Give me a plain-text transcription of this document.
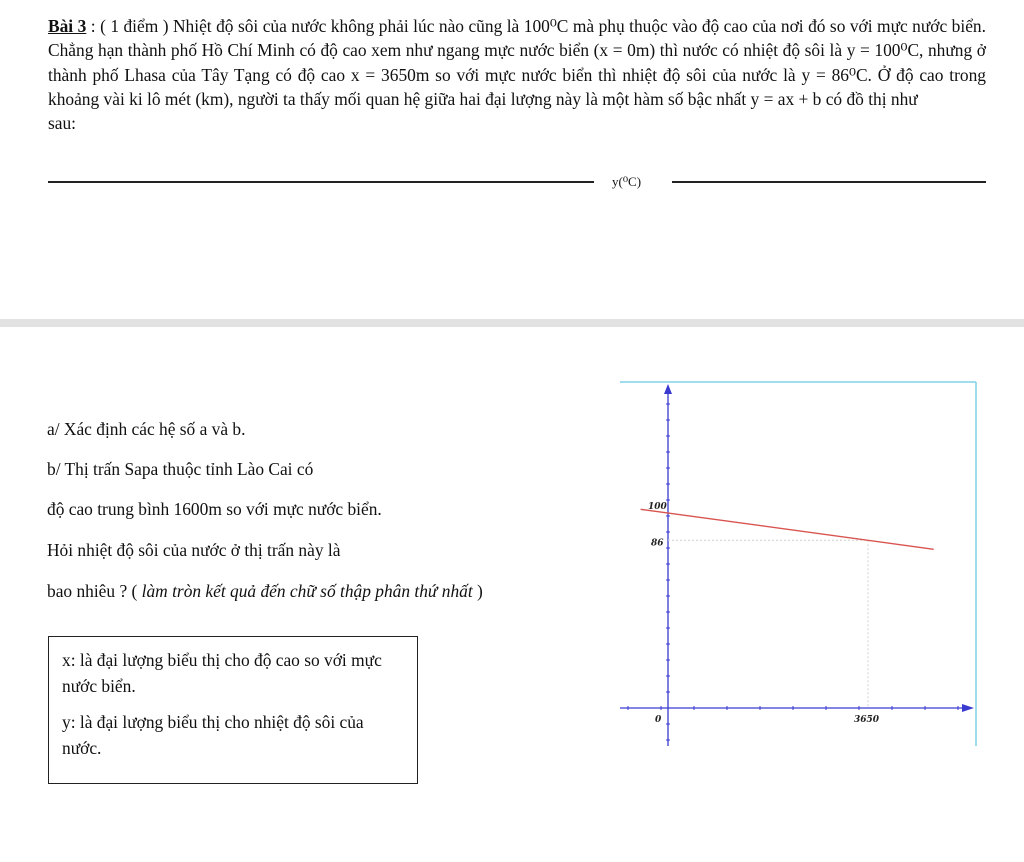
Bài 3 : ( 1 điểm ) Nhiệt độ sôi của nước không phải lúc nào cũng là 100⁰C mà phụ thuộc vào độ cao của nơi đó so với mực nước biển. Chẳng hạn thành phố Hồ Chí Minh có độ cao xem như ngang mực nước biển (x = 0m) thì nước có nhiệt độ sôi là y = 100⁰C, nhưng ở thành phố Lhasa của Tây Tạng có độ cao x = 3650m so với mực nước biển thì nhiệt độ sôi của nước là y = 86⁰C. Ở độ cao trong khoảng vài ki lô mét (km), người ta thấy mối quan hệ giữa hai đại lượng này là một hàm số bậc nhất y = ax + b có đồ thị như
sau:
y(⁰C)
a/ Xác định các hệ số a và b.
b/ Thị trấn Sapa thuộc tỉnh Lào Cai có
độ cao trung bình 1600m so với mực nước biển.
Hỏi nhiệt độ sôi của nước ở thị trấn này là
bao nhiêu ? ( làm tròn kết quả đến chữ số thập phân thứ nhất )

x: là đại lượng biểu thị cho độ cao so với mực nước biển.

y: là đại lượng biểu thị cho nhiệt độ sôi của nước.

100
86
0	3650
